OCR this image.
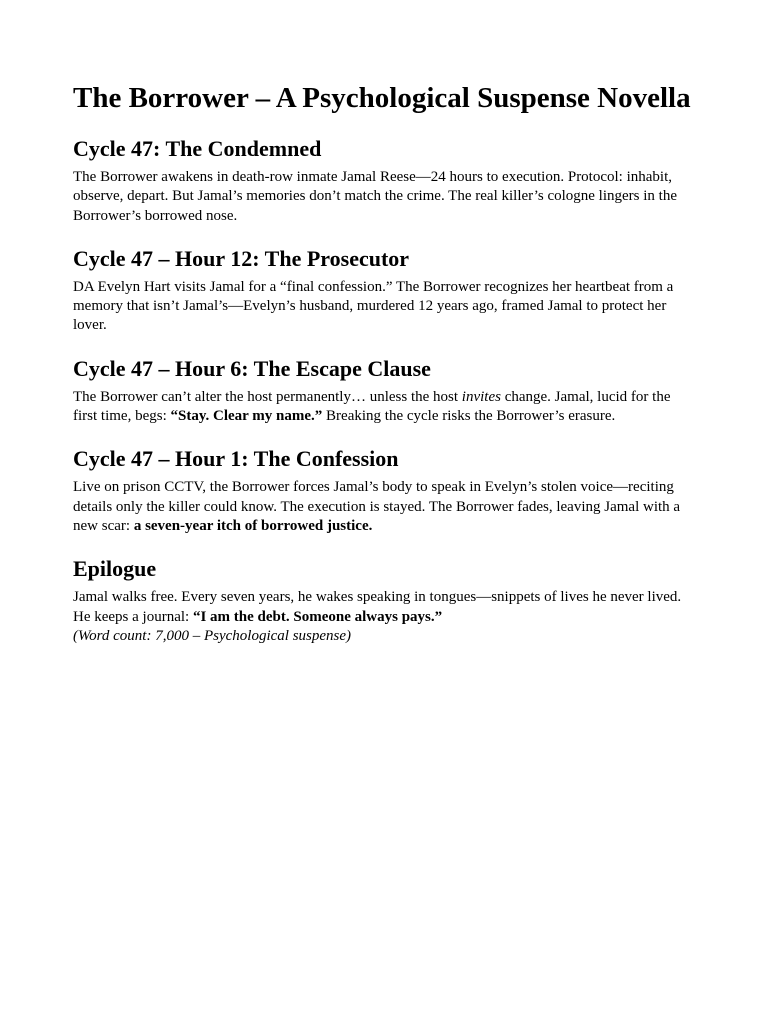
The Borrower – A Psychological Suspense Novella
Cycle 47: The Condemned

The Borrower awakens in death-row inmate Jamal Reese—24 hours to execution. Protocol: inhabit, observe, depart. But Jamal’s memories don’t match the crime. The real killer’s cologne lingers in the Borrower’s borrowed nose.

Cycle 47 – Hour 12: The Prosecutor

DA Evelyn Hart visits Jamal for a “final confession.” The Borrower recognizes her heartbeat from a memory that isn’t Jamal’s—Evelyn’s husband, murdered 12 years ago, framed Jamal to protect her lover.

Cycle 47 – Hour 6: The Escape Clause

The Borrower can’t alter the host permanently… unless the host invites change. Jamal, lucid for the first time, begs: “Stay. Clear my name.” Breaking the cycle risks the Borrower’s erasure.

Cycle 47 – Hour 1: The Confession

Live on prison CCTV, the Borrower forces Jamal’s body to speak in Evelyn’s stolen voice—reciting details only the killer could know. The execution is stayed. The Borrower fades, leaving Jamal with a new scar: a seven-year itch of borrowed justice.

Epilogue

Jamal walks free. Every seven years, he wakes speaking in tongues—snippets of lives he never lived. He keeps a journal: “I am the debt. Someone always pays.”

(Word count: 7,000 – Psychological suspense)
